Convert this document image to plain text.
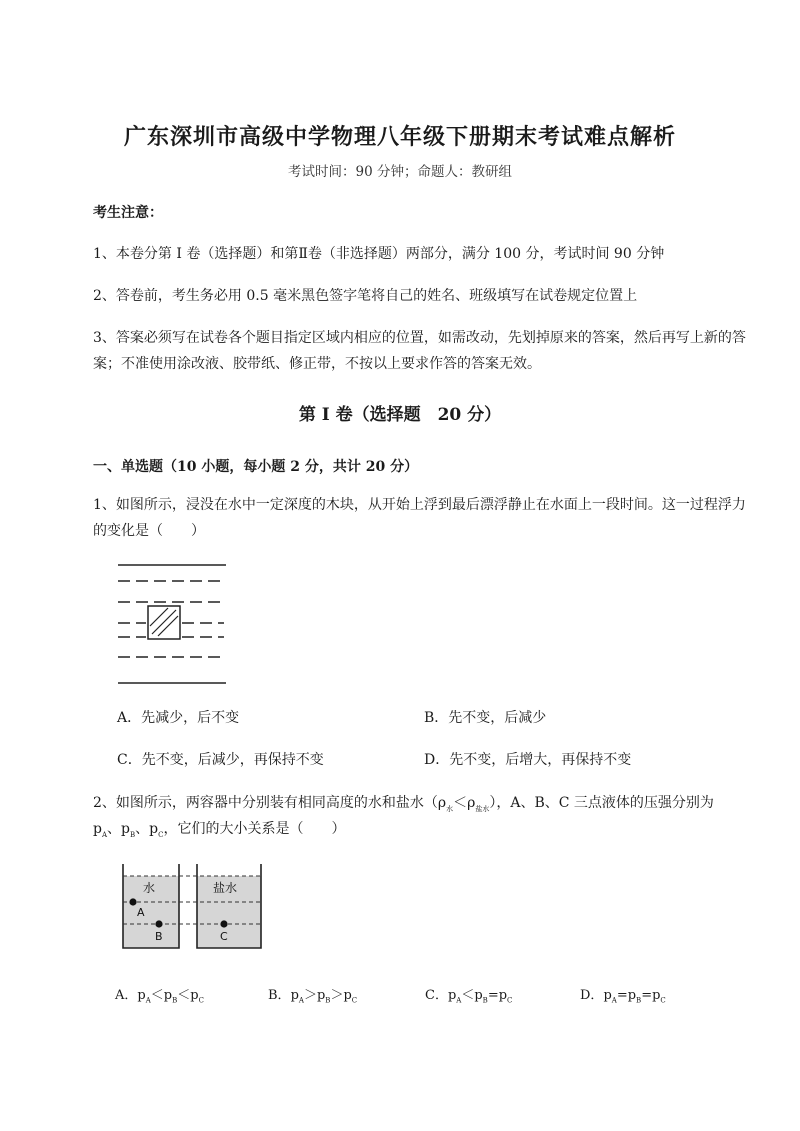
广东深圳市高级中学物理八年级下册期末考试难点解析
考试时间：90 分钟；命题人：教研组
考生注意：
1、本卷分第 I 卷（选择题）和第Ⅱ卷（非选择题）两部分，满分 100 分，考试时间 90 分钟
2、答卷前，考生务必用 0.5 毫米黑色签字笔将自己的姓名、班级填写在试卷规定位置上
3、答案必须写在试卷各个题目指定区域内相应的位置，如需改动，先划掉原来的答案，然后再写上新的答案；不准使用涂改液、胶带纸、修正带，不按以上要求作答的答案无效。
第 I 卷（选择题　20 分）
一、单选题（10 小题，每小题 2 分，共计 20 分）
1、如图所示，浸没在水中一定深度的木块，从开始上浮到最后漂浮静止在水面上一段时间。这一过程浮力的变化是（　　）
A．先减少，后不变	B．先不变，后减少
C．先不变，后减少，再保持不变	D．先不变，后增大，再保持不变
2、如图所示，两容器中分别装有相同高度的水和盐水$(\rho_水<\rho_{盐水})$，A、B、C 三点液体的压强分别为
$p_A$、$p_B$、$p_C$，它们的大小关系是（　　）
水	盐水
A
B	C
A．$p_A<p_B<p_C$	B．$p_A>p_B>p_C$	C．$p_A<p_B=p_C$	D．$p_A=p_B=p_C$
